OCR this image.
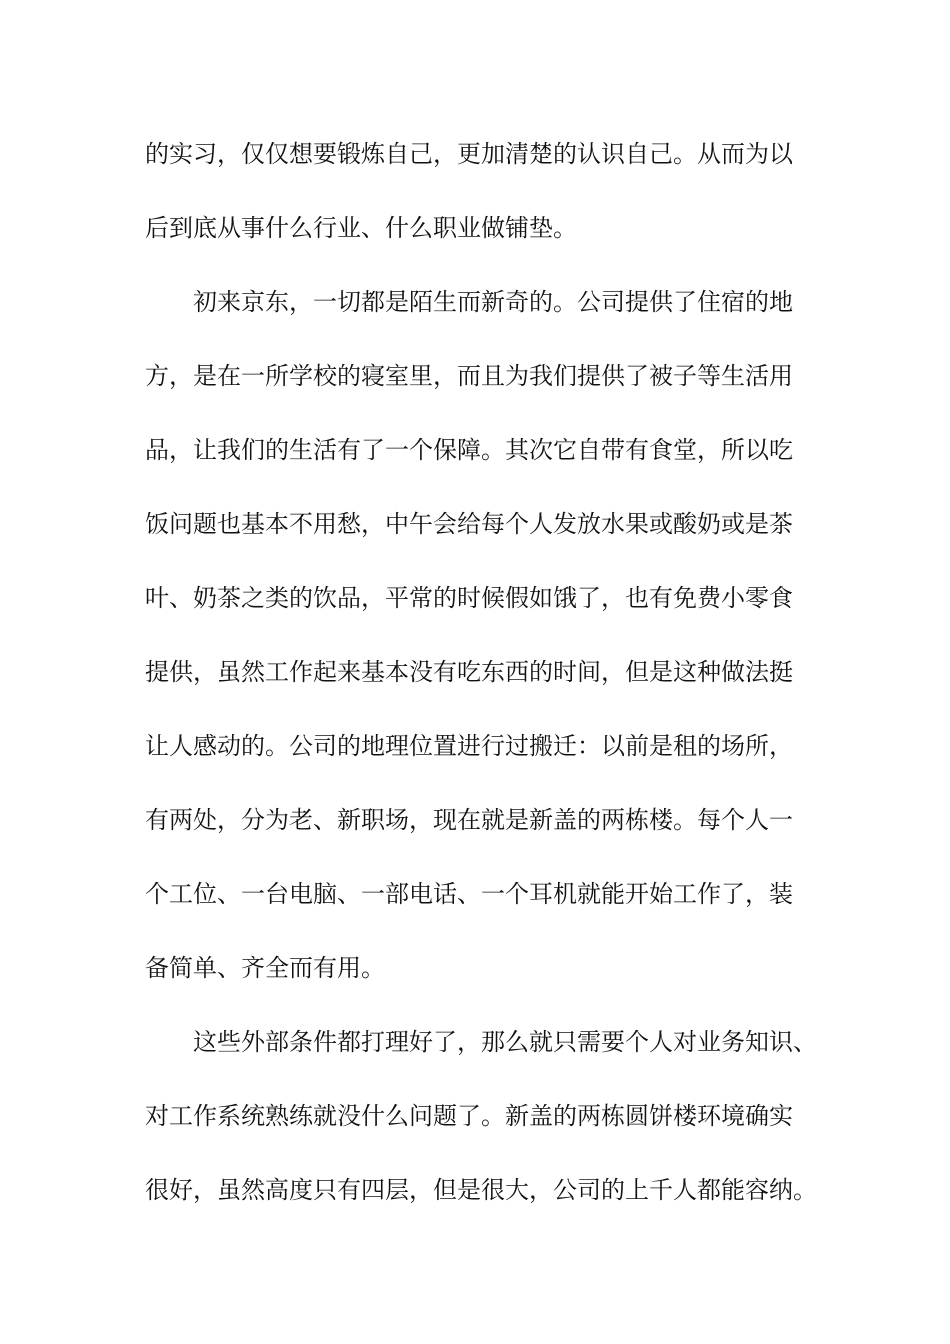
的实习，仅仅想要锻炼自己，更加清楚的认识自己。从而为以
后到底从事什么行业、什么职业做铺垫。
初来京东，一切都是陌生而新奇的。公司提供了住宿的地
方，是在一所学校的寝室里，而且为我们提供了被子等生活用
品，让我们的生活有了一个保障。其次它自带有食堂，所以吃
饭问题也基本不用愁，中午会给每个人发放水果或酸奶或是茶
叶、奶茶之类的饮品，平常的时候假如饿了，也有免费小零食
提供，虽然工作起来基本没有吃东西的时间，但是这种做法挺
让人感动的。公司的地理位置进行过搬迁：以前是租的场所，
有两处，分为老、新职场，现在就是新盖的两栋楼。每个人一
个工位、一台电脑、一部电话、一个耳机就能开始工作了，装
备简单、齐全而有用。
这些外部条件都打理好了，那么就只需要个人对业务知识、
对工作系统熟练就没什么问题了。新盖的两栋圆饼楼环境确实
很好，虽然高度只有四层，但是很大，公司的上千人都能容纳。
